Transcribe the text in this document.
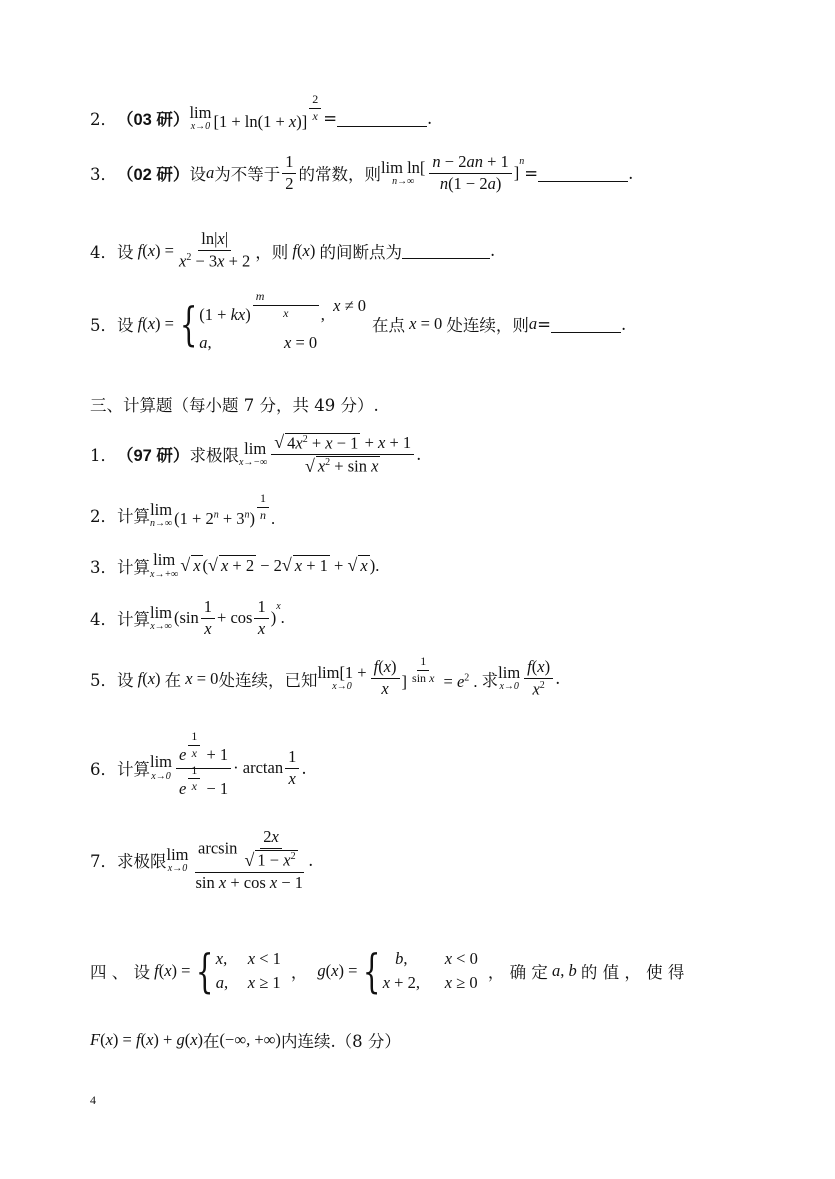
2． （03 研） lim
x→0 [1 + ln(1 + x)] $^{\frac{2}{x}}$ =	.
3． （02 研） 设 a 为不等于 $\frac{1}{2}$ 的常数，则 lim ln[
$n\to\infty \frac{n - 2an + 1}{n(1 - 2a)} ]^n$
=	.
4． 设 $f(x) = \frac{\ln|x|}{x^2 - 3x + 2}$ ，则 f(x) 的间断点为	.
5． 设 f(x) = { (1 + kx) $^{\frac{m}{x}}$ , x ≠ 0
a,	x = 0
在点 x = 0 处连续，则 a =	.
三、计算题（每小题 7 分，共 49 分）.
1． （97 研） 求极限 lim
$x\to-\infty \frac{√ 4x^2 + x - 1 + x + 1}{√ x^2 + \sin x}$ .
2． 计算 lim
n→∞ $(1 + 2^n + 3^n)$ $^{\frac{1}{n}}$ .
3． 计算 lim
x→+∞ √ x (√ x + 2 − 2√ x + 1 + √ x ).
4． 计算 lim
x→∞ $(\sin \frac{1}{x} + \cos \frac{1}{x} )^x$.
5． 设 f(x) 在 x = 0 处连续，已知 lim[1 +
$x\to 0 \frac{f(x)}{x}$ ] $^{\frac{1}{\text{sin x}}} = e^2$ . 求 lim
$x\to 0 \frac{f(x)}{x^2}$ .
6． 计算 lim
x→0 e $^{\frac{1}{x}}$ + 1
e $^{\frac{1}{x}} - 1 \cdot \arctan \frac{1}{x}$ .
7． 求极限 lim
$x\to 0 \frac{\arcsin \frac{2x}{√ 1 - x^2}}{\text{sin x + cos x − 1}}$ .
四 、 设 f(x) = { x,	x < 1
a,	x ≥ 1
， g(x) = { b,	x < 0
x + 2,	x ≥ 0
， 确 定 a, b 的 值 ， 使 得
F(x) = f(x) + g(x) 在 (−∞, +∞) 内连续.（8 分）
4
